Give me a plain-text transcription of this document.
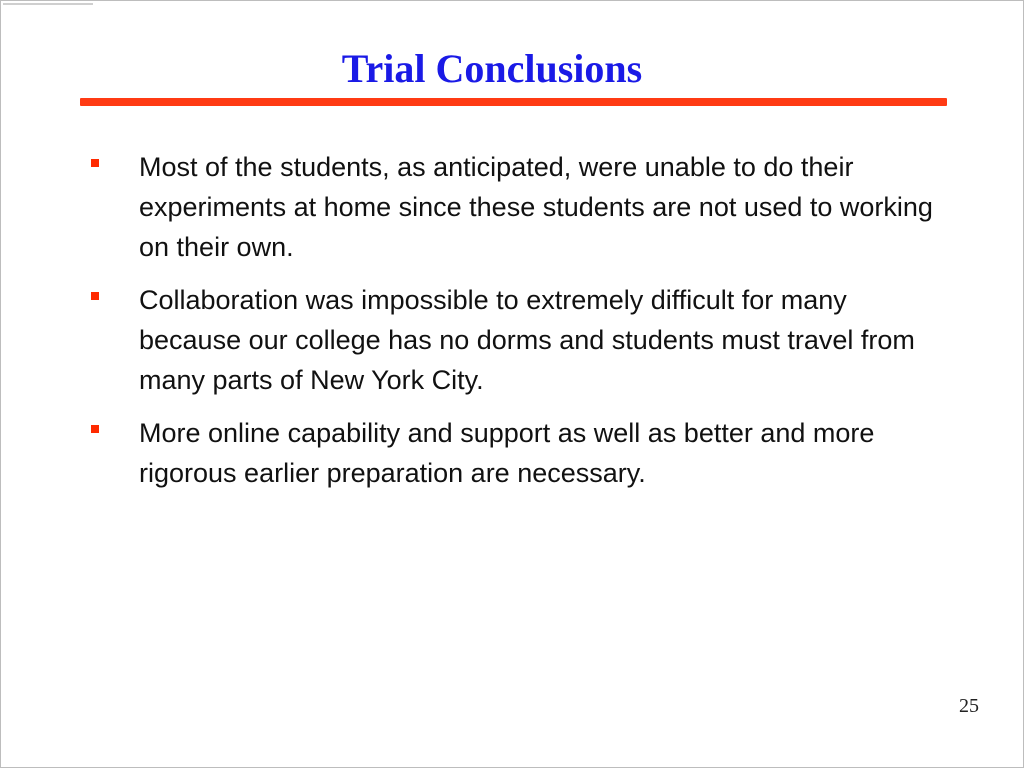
Trial Conclusions
Most of the students, as anticipated, were unable to do their experiments at home since these students are not used to working on their own.
Collaboration was impossible to extremely difficult for many because our college has no dorms and students must travel from many parts of New York City.
More online capability and support as well as better and more rigorous earlier preparation are necessary.
25
